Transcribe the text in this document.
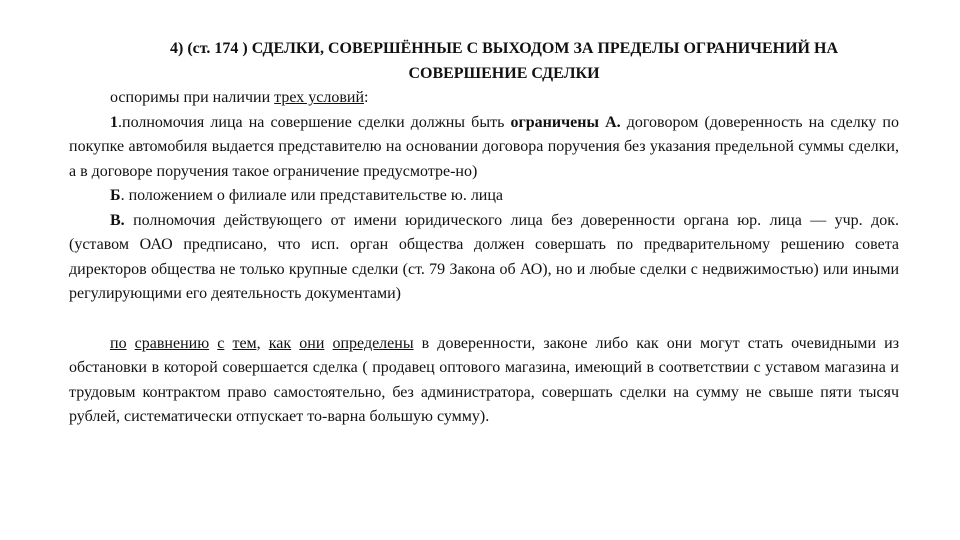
4) (ст. 174 ) СДЕЛКИ, СОВЕРШЁННЫЕ С ВЫХОДОМ ЗА ПРЕДЕЛЫ ОГРАНИЧЕНИЙ НА
СОВЕРШЕНИЕ СДЕЛКИ

оспоримы при наличии трех условий:

1.полномочия лица на совершение сделки должны быть ограничены А. договором (доверенность на сделку по покупке автомобиля выдается представителю на основании договора поручения без указания предельной суммы сделки, а в договоре поручения такое ограничение предусмотре-но)

Б. положением о филиале или представительстве ю. лица

В. полномочия действующего от имени юридического лица без доверенности органа юр. лица — учр. док. (уставом ОАО предписано, что исп. орган общества должен совершать по предварительному решению совета директоров общества не только крупные сделки (ст. 79 Закона об АО), но и любые сделки с недвижимостью) или иными регулирующими его деятельность документами)

по сравнению с тем, как они определены в доверенности, законе либо как они могут стать очевидными из обстановки в которой совершается сделка ( продавец оптового магазина, имеющий в соответствии с уставом магазина и трудовым контрактом право самостоятельно, без администратора, совершать сделки на сумму не свыше пяти тысяч рублей, систематически отпускает то-варна большую сумму).
